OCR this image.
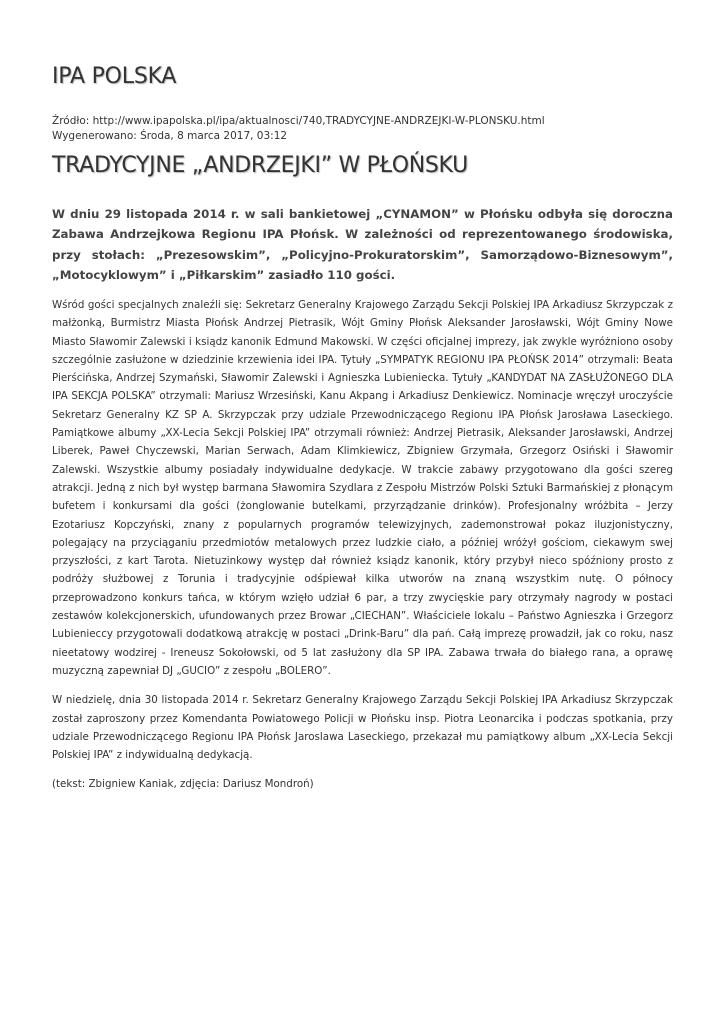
IPA POLSKA
Źródło: http://www.ipapolska.pl/ipa/aktualnosci/740,TRADYCYJNE-ANDRZEJKI-W-PLONSKU.html
Wygenerowano: Środa, 8 marca 2017, 03:12
TRADYCYJNE „ANDRZEJKI” W PŁOŃSKU

W dniu 29 listopada 2014 r. w sali bankietowej „CYNAMON” w Płońsku odbyła się doroczna Zabawa Andrzejkowa Regionu IPA Płońsk. W zależności od reprezentowanego środowiska, przy stołach: „Prezesowskim”, „Policyjno-Prokuratorskim”, Samorządowo-Biznesowym”, „Motocyklowym” i „Piłkarskim” zasiadło 110 gości.

Wśród gości specjalnych znaleźli się: Sekretarz Generalny Krajowego Zarządu Sekcji Polskiej IPA Arkadiusz Skrzypczak z małżonką, Burmistrz Miasta Płońsk Andrzej Pietrasik, Wójt Gminy Płońsk Aleksander Jarosławski, Wójt Gminy Nowe Miasto Sławomir Zalewski i ksiądz kanonik Edmund Makowski. W części oficjalnej imprezy, jak zwykle wyróżniono osoby szczególnie zasłużone w dziedzinie krzewienia idei IPA. Tytuły „SYMPATYK REGIONU IPA PŁOŃSK 2014” otrzymali: Beata Pierścińska, Andrzej Szymański, Sławomir Zalewski i Agnieszka Lubieniecka. Tytuły „KANDYDAT NA ZASŁUŻONEGO DLA IPA SEKCJA POLSKA” otrzymali: Mariusz Wrzesiński, Kanu Akpang i Arkadiusz Denkiewicz. Nominacje wręczył uroczyście Sekretarz Generalny KZ SP A. Skrzypczak przy udziale Przewodniczącego Regionu IPA Płońsk Jarosława Laseckiego. Pamiątkowe albumy „XX-Lecia Sekcji Polskiej IPA” otrzymali również: Andrzej Pietrasik, Aleksander Jarosławski, Andrzej Liberek, Paweł Chyczewski, Marian Serwach, Adam Klimkiewicz, Zbigniew Grzymała, Grzegorz Osiński i Sławomir Zalewski. Wszystkie albumy posiadały indywidualne dedykacje. W trakcie zabawy przygotowano dla gości szereg atrakcji. Jedną z nich był występ barmana Sławomira Szydlara z Zespołu Mistrzów Polski Sztuki Barmańskiej z płonącym bufetem i konkursami dla gości (żonglowanie butelkami, przyrządzanie drinków). Profesjonalny wróżbita – Jerzy Ezotariusz Kopczyński, znany z popularnych programów telewizyjnych, zademonstrował pokaz iluzjonistyczny, polegający na przyciąganiu przedmiotów metalowych przez ludzkie ciało, a później wróżył gościom, ciekawym swej przyszłości, z kart Tarota. Nietuzinkowy występ dał również ksiądz kanonik, który przybył nieco spóźniony prosto z podróży służbowej z Torunia i tradycyjnie odśpiewał kilka utworów na znaną wszystkim nutę. O północy przeprowadzono konkurs tańca, w którym wzięło udział 6 par, a trzy zwycięskie pary otrzymały nagrody w postaci zestawów kolekcjonerskich, ufundowanych przez Browar „CIECHAN”. Właściciele lokalu – Państwo Agnieszka i Grzegorz Lubienieccy przygotowali dodatkową atrakcję w postaci „Drink-Baru” dla pań. Całą imprezę prowadził, jak co roku, nasz nieetatowy wodzirej - Ireneusz Sokołowski, od 5 lat zasłużony dla SP IPA. Zabawa trwała do białego rana, a oprawę muzyczną zapewniał DJ „GUCIO” z zespołu „BOLERO”.

W niedzielę, dnia 30 listopada 2014 r. Sekretarz Generalny Krajowego Zarządu Sekcji Polskiej IPA Arkadiusz Skrzypczak został zaproszony przez Komendanta Powiatowego Policji w Płońsku insp. Piotra Leonarcika i podczas spotkania, przy udziale Przewodniczącego Regionu IPA Płońsk Jaroslawa Laseckiego, przekazał mu pamiątkowy album „XX-Lecia Sekcji Polskiej IPA” z indywidualną dedykacją.

(tekst: Zbigniew Kaniak, zdjęcia: Dariusz Mondroń)
